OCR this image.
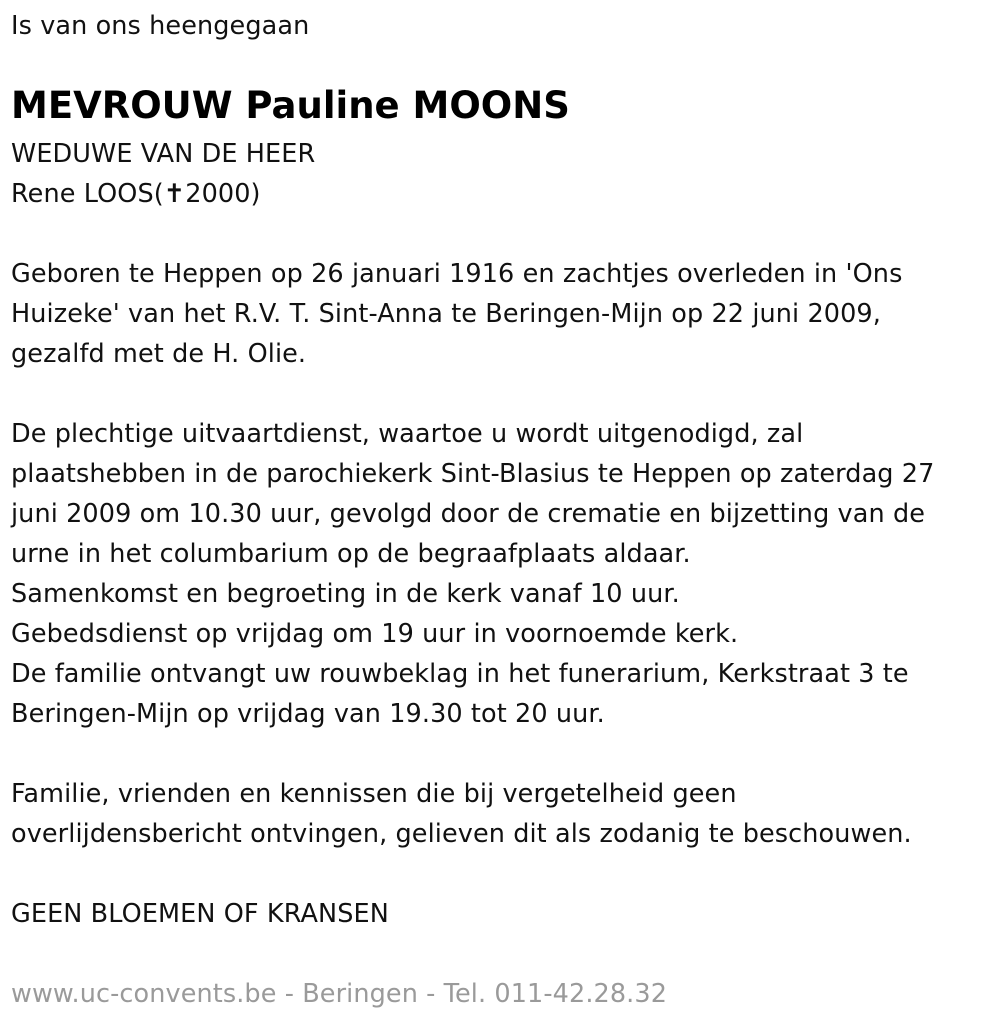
Is van ons heengegaan
MEVROUW Pauline MOONS
WEDUWE VAN DE HEER
Rene LOOS(✝2000)
Geboren te Heppen op 26 januari 1916 en zachtjes overleden in 'Ons
Huizeke' van het R.V. T. Sint-Anna te Beringen-Mijn op 22 juni 2009,
gezalfd met de H. Olie.
De plechtige uitvaartdienst, waartoe u wordt uitgenodigd, zal
plaatshebben in de parochiekerk Sint-Blasius te Heppen op zaterdag 27
juni 2009 om 10.30 uur, gevolgd door de crematie en bijzetting van de
urne in het columbarium op de begraafplaats aldaar.
Samenkomst en begroeting in de kerk vanaf 10 uur.
Gebedsdienst op vrijdag om 19 uur in voornoemde kerk.
De familie ontvangt uw rouwbeklag in het funerarium, Kerkstraat 3 te
Beringen-Mijn op vrijdag van 19.30 tot 20 uur.
Familie, vrienden en kennissen die bij vergetelheid geen
overlijdensbericht ontvingen, gelieven dit als zodanig te beschouwen.
GEEN BLOEMEN OF KRANSEN
www.uc-convents.be - Beringen - Tel. 011-42.28.32
